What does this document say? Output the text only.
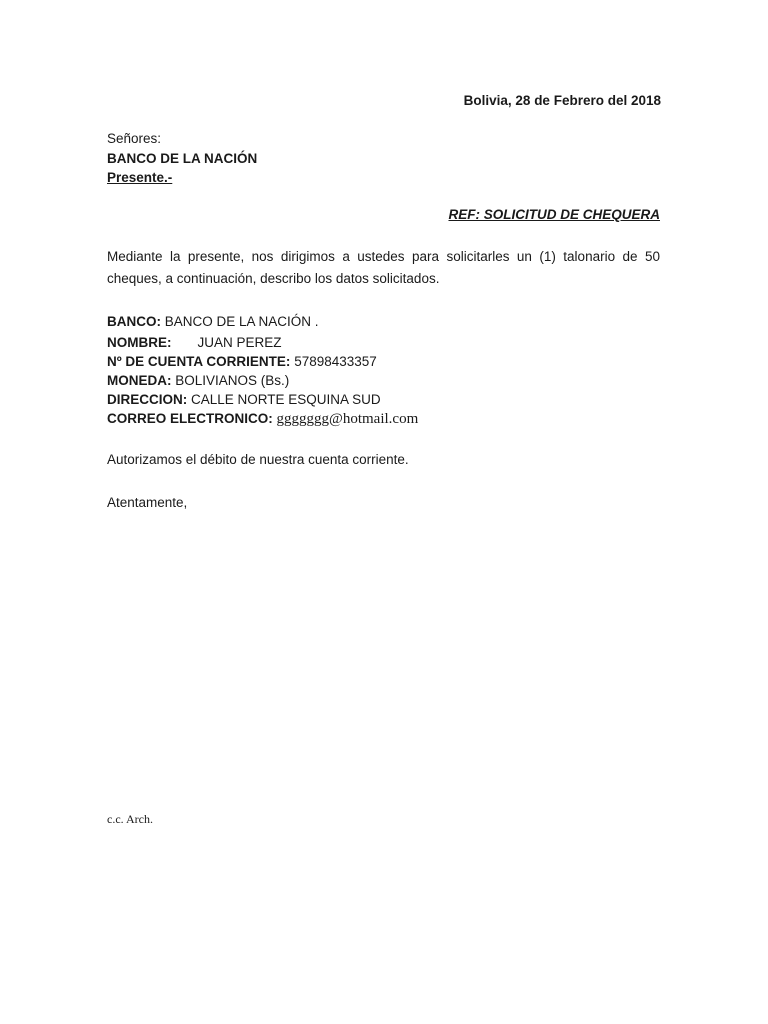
Bolivia, 28 de Febrero del 2018
Señores:
BANCO DE LA NACIÓN
Presente.-
REF: SOLICITUD DE CHEQUERA
Mediante la presente, nos dirigimos a ustedes para solicitarles un (1) talonario de 50 cheques, a continuación, describo los datos solicitados.
BANCO: BANCO DE LA NACIÓN .
NOMBRE: JUAN PEREZ
Nº DE CUENTA CORRIENTE: 57898433357
MONEDA: BOLIVIANOS (Bs.)
DIRECCION: CALLE NORTE ESQUINA SUD
CORREO ELECTRONICO: ggggggg@hotmail.com
Autorizamos el débito de nuestra cuenta corriente.
Atentamente,
c.c. Arch.
